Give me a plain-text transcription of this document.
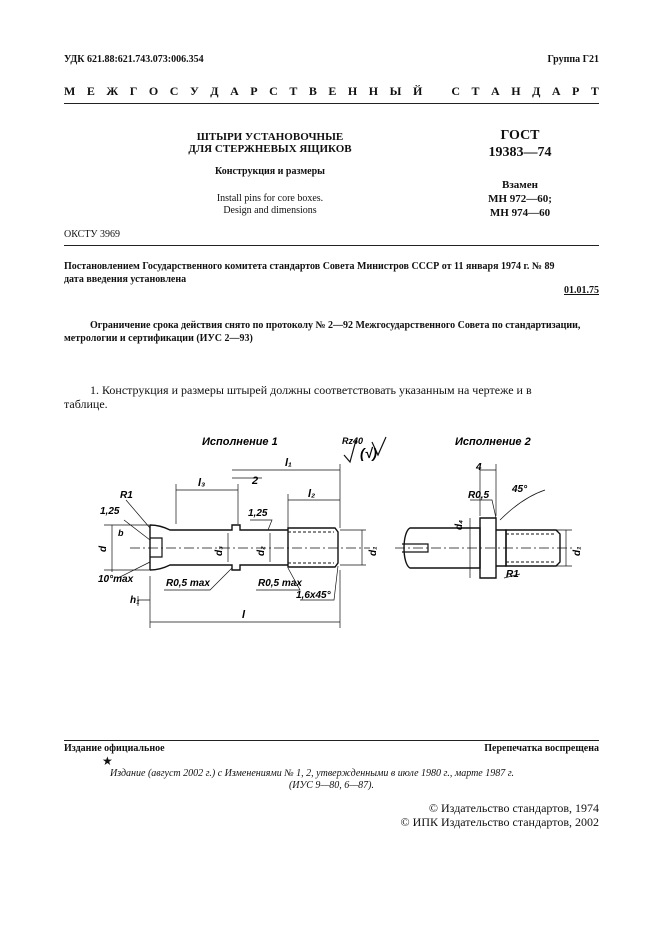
УДК 621.88:621.743.073:006.354	Группа Г21
М Е Ж Г О С У Д А Р С Т В Е Н Н Ы Й
С Т А Н Д А Р Т
ШТЫРИ УСТАНОВОЧНЫЕ
ДЛЯ СТЕРЖНЕВЫХ ЯЩИКОВ
Конструкция и размеры
Install pins for core boxes.
Design and dimensions
ГОСТ
19383—74
Взамен
МН 972—60;
МН 974—60
ОКСТУ 3969
Постановлением Государственного комитета стандартов Совета Министров СССР от 11 января 1974 г. № 89
дата введения установлена
01.01.75
Ограничение срока действия снято по протоколу № 2—92 Межгосударственного Совета по стандартизации,
метрологии и сертификации (ИУС 2—93)
1. Конструкция и размеры штырей должны соответствовать указанным на чертеже и в
таблице.
Исполнение 1	Исполнение 2
Rz40
(√)
l₁
l₃	2
l₂
l
R1
1,25	1,25
b
d	d₃	d₂	d₁	d₁
d₄
10°max	R0,5 max	R0,5 max
1,6x45°
h₁
4
R0,5
45°
R1
Издание официальное	Перепечатка воспрещена
★
Издание (август 2002 г.) с Изменениями № 1, 2, утвержденными в июле 1980 г., марте 1987 г.
(ИУС 9—80, 6—87).
© Издательство стандартов, 1974
© ИПК Издательство стандартов, 2002
